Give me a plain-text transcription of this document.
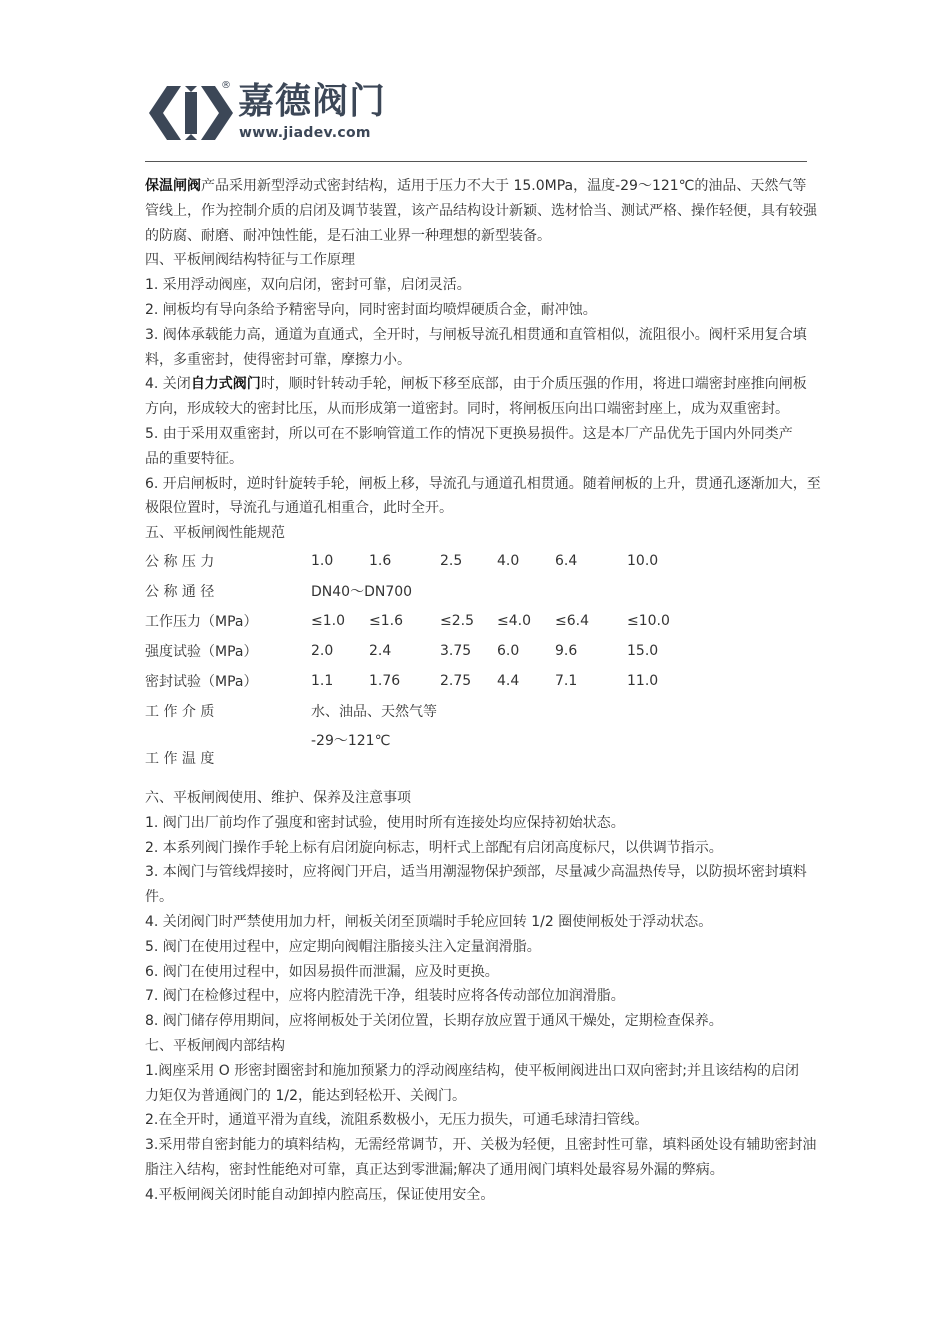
® 嘉德阀门
www.jiadev.com

保温闸阀产品采用新型浮动式密封结构，适用于压力不大于 15.0MPa，温度-29～121℃的油品、天然气等

管线上，作为控制介质的启闭及调节装置，该产品结构设计新颖、选材恰当、测试严格、操作轻便，具有较强

的防腐、耐磨、耐冲蚀性能，是石油工业界一种理想的新型装备。

四、平板闸阀结构特征与工作原理

1. 采用浮动阀座，双向启闭，密封可靠，启闭灵活。

2. 闸板均有导向条给予精密导向，同时密封面均喷焊硬质合金，耐冲蚀。

3. 阀体承载能力高，通道为直通式，全开时，与闸板导流孔相贯通和直管相似，流阻很小。阀杆采用复合填

料，多重密封，使得密封可靠，摩擦力小。

4. 关闭自力式阀门时，顺时针转动手轮，闸板下移至底部，由于介质压强的作用，将进口端密封座推向闸板

方向，形成较大的密封比压，从而形成第一道密封。同时，将闸板压向出口端密封座上，成为双重密封。

5. 由于采用双重密封，所以可在不影响管道工作的情况下更换易损件。这是本厂产品优先于国内外同类产

品的重要特征。

6. 开启闸板时，逆时针旋转手轮，闸板上移，导流孔与通道孔相贯通。随着闸板的上升，贯通孔逐渐加大，至

极限位置时，导流孔与通道孔相重合，此时全开。

五、平板闸阀性能规范

公 称 压 力	1.0	1.6	2.5	4.0	6.4	10.0
公 称 通 径	DN40～DN700					
工作压力（MPa）	≤1.0	≤1.6	≤2.5	≤4.0	≤6.4	≤10.0
强度试验（MPa）	2.0	2.4	3.75	6.0	9.6	15.0
密封试验（MPa）	1.1	1.76	2.75	4.4	7.1	11.0
工 作 介 质	水、油品、天然气等					
工 作 温 度	-29～121℃					

六、平板闸阀使用、维护、保养及注意事项

1. 阀门出厂前均作了强度和密封试验，使用时所有连接处均应保持初始状态。

2. 本系列阀门操作手轮上标有启闭旋向标志，明杆式上部配有启闭高度标尺，以供调节指示。

3. 本阀门与管线焊接时，应将阀门开启，适当用潮湿物保护颈部，尽量减少高温热传导，以防损坏密封填料

件。

4. 关闭阀门时严禁使用加力杆，闸板关闭至顶端时手轮应回转 1/2 圈使闸板处于浮动状态。

5. 阀门在使用过程中，应定期向阀帽注脂接头注入定量润滑脂。

6. 阀门在使用过程中，如因易损件而泄漏，应及时更换。

7. 阀门在检修过程中，应将内腔清洗干净，组装时应将各传动部位加润滑脂。

8. 阀门储存停用期间，应将闸板处于关闭位置，长期存放应置于通风干燥处，定期检查保养。

七、平板闸阀内部结构

1.阀座采用 O 形密封圈密封和施加预紧力的浮动阀座结构，使平板闸阀进出口双向密封;并且该结构的启闭

力矩仅为普通阀门的 1/2，能达到轻松开、关阀门。

2.在全开时，通道平滑为直线，流阻系数极小，无压力损失，可通毛球清扫管线。

3.采用带自密封能力的填料结构，无需经常调节，开、关极为轻便，且密封性可靠，填料函处设有辅助密封油

脂注入结构，密封性能绝对可靠，真正达到零泄漏;解决了通用阀门填料处最容易外漏的弊病。

4.平板闸阀关闭时能自动卸掉内腔高压，保证使用安全。
